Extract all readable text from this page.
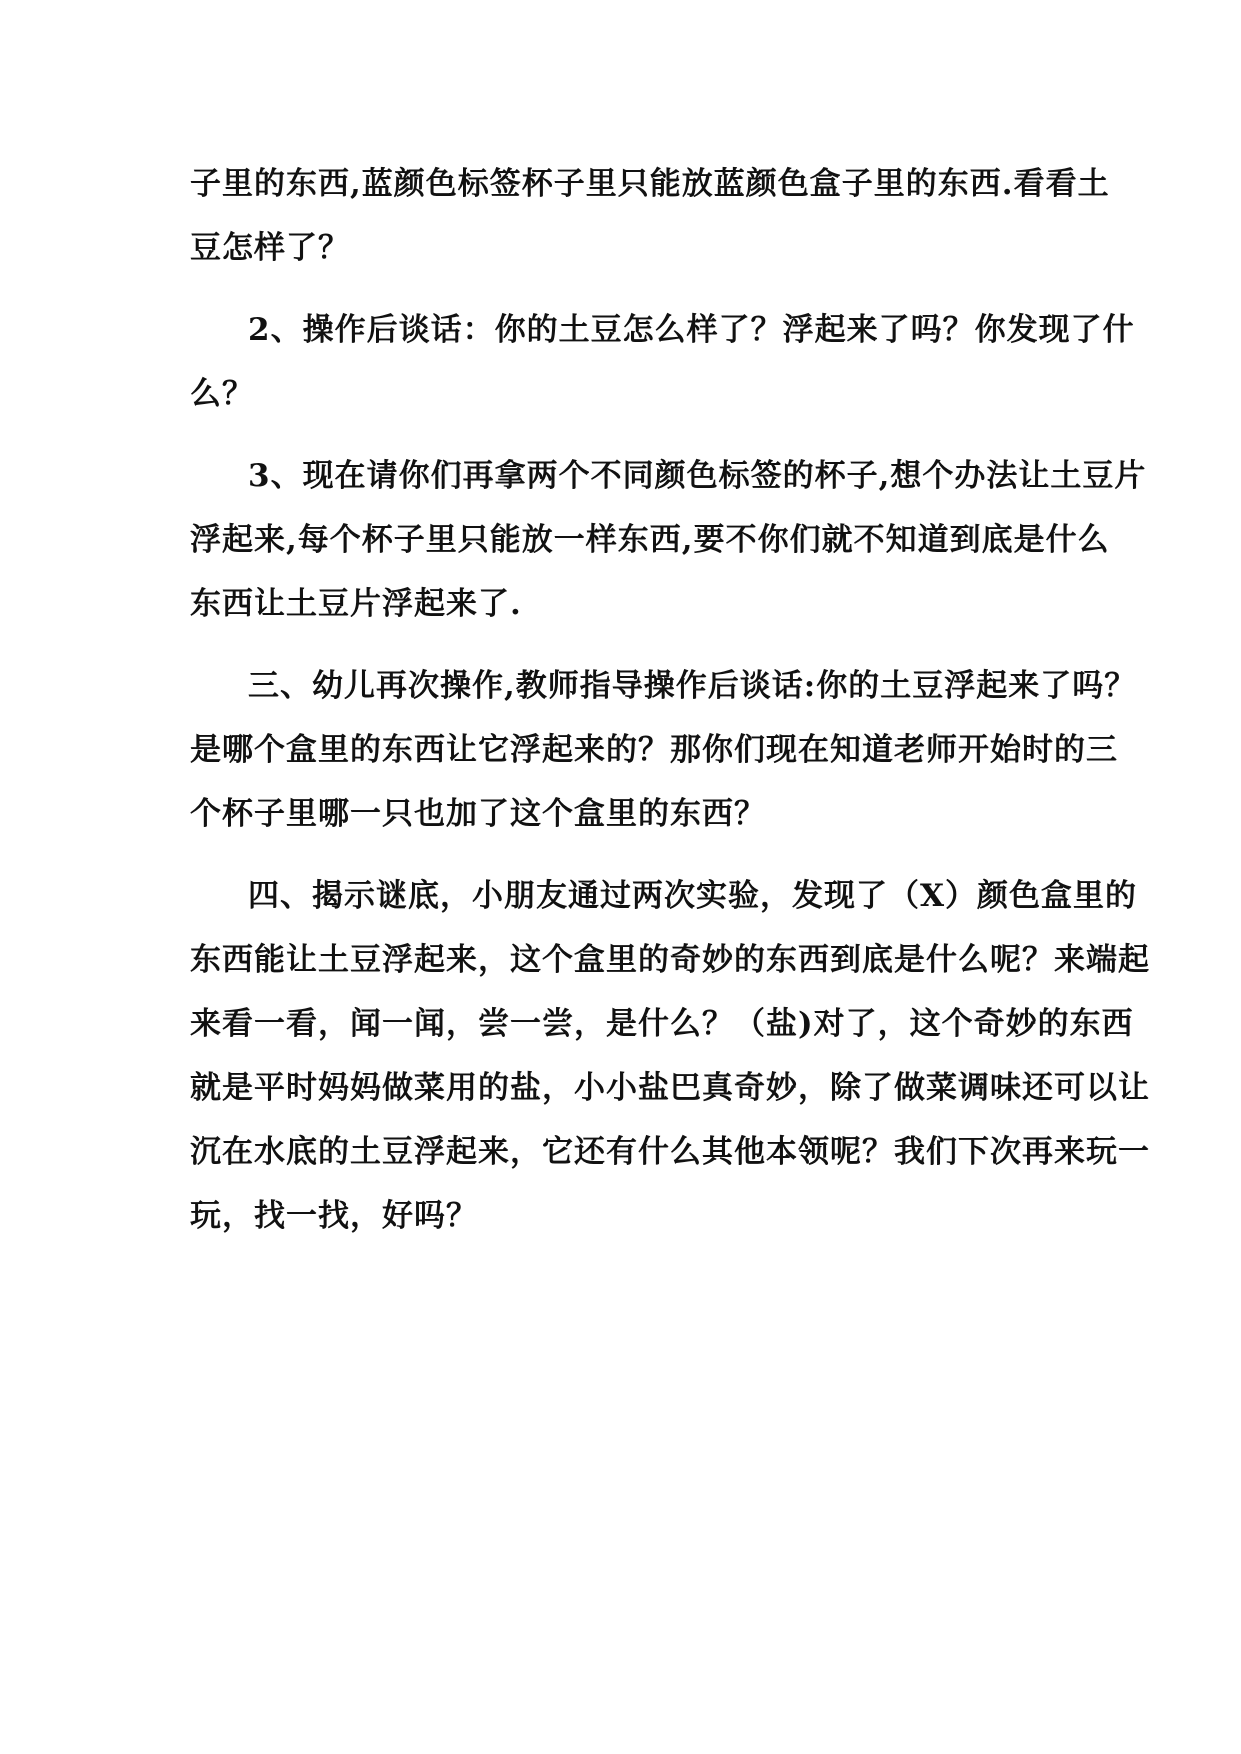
子里的东西,蓝颜色标签杯子里只能放蓝颜色盒子里的东西.看看土
豆怎样了？
2、操作后谈话：你的土豆怎么样了？浮起来了吗？你发现了什
么？
3、现在请你们再拿两个不同颜色标签的杯子,想个办法让土豆片
浮起来,每个杯子里只能放一样东西,要不你们就不知道到底是什么
东西让土豆片浮起来了.
三、幼儿再次操作,教师指导操作后谈话:你的土豆浮起来了吗？
是哪个盒里的东西让它浮起来的？那你们现在知道老师开始时的三
个杯子里哪一只也加了这个盒里的东西？
四、揭示谜底，小朋友通过两次实验，发现了（X）颜色盒里的
东西能让土豆浮起来，这个盒里的奇妙的东西到底是什么呢？来端起
来看一看，闻一闻，尝一尝，是什么？（盐)对了，这个奇妙的东西
就是平时妈妈做菜用的盐，小小盐巴真奇妙，除了做菜调味还可以让
沉在水底的土豆浮起来，它还有什么其他本领呢？我们下次再来玩一
玩，找一找，好吗？
